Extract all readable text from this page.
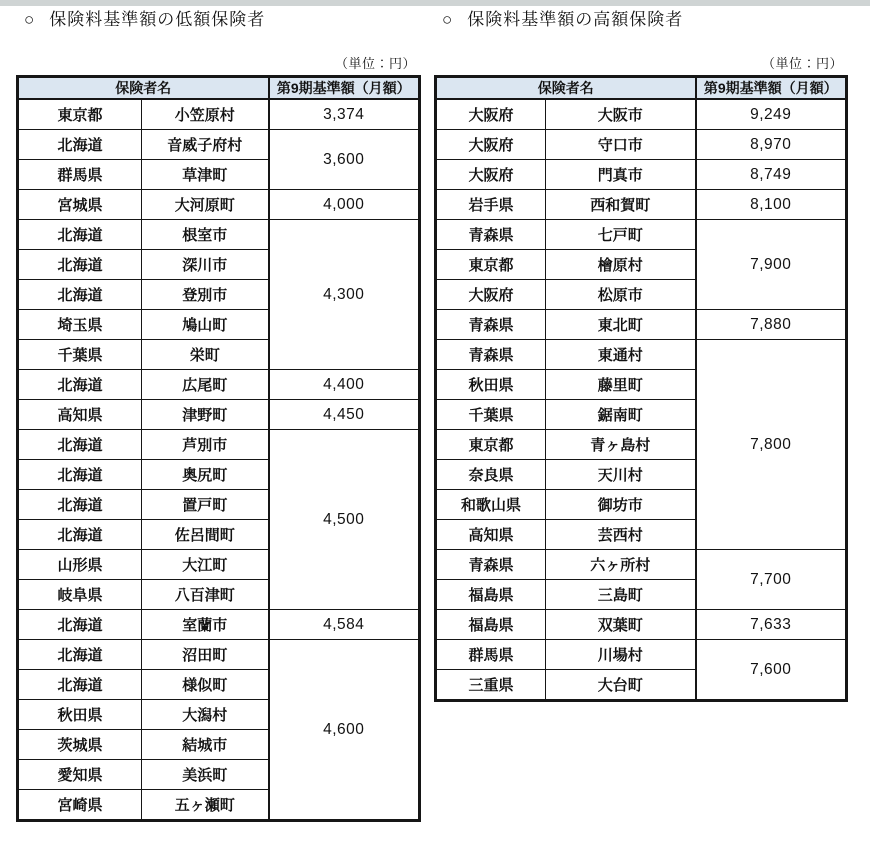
○ 保険料基準額の低額保険者
（単位：円）
保険者名		第9期基準額（月額）
東京都	小笠原村	3,374
北海道	音威子府村	3,600
群馬県	草津町	
宮城県	大河原町	4,000
北海道	根室市	4,300
北海道	深川市	
北海道	登別市	
埼玉県	鳩山町	
千葉県	栄町	
北海道	広尾町	4,400
高知県	津野町	4,450
北海道	芦別市	4,500
北海道	奥尻町	
北海道	置戸町	
北海道	佐呂間町	
山形県	大江町	
岐阜県	八百津町	
北海道	室蘭市	4,584
北海道	沼田町	4,600
北海道	様似町	
秋田県	大潟村	
茨城県	結城市	
愛知県	美浜町	
宮崎県	五ヶ瀬町	
○ 保険料基準額の高額保険者
（単位：円）
保険者名		第9期基準額（月額）
大阪府	大阪市	9,249
大阪府	守口市	8,970
大阪府	門真市	8,749
岩手県	西和賀町	8,100
青森県	七戸町	7,900
東京都	檜原村	
大阪府	松原市	
青森県	東北町	7,880
青森県	東通村	7,800
秋田県	藤里町	
千葉県	鋸南町	
東京都	青ヶ島村	
奈良県	天川村	
和歌山県	御坊市	
高知県	芸西村	
青森県	六ヶ所村	7,700
福島県	三島町	
福島県	双葉町	7,633
群馬県	川場村	7,600
三重県	大台町	
